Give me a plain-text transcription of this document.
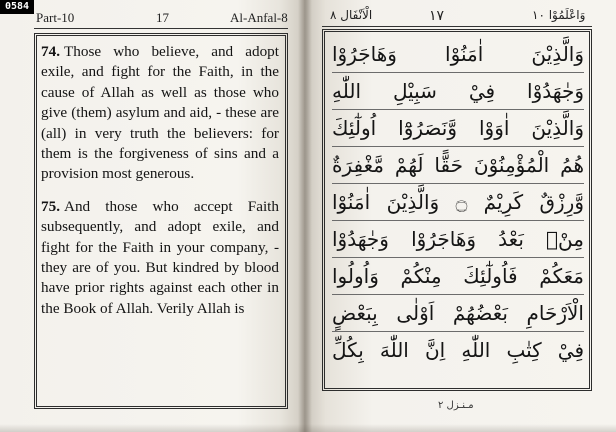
0584
Part-10	17	Al-Anfal-8

74. Those who believe, and adopt exile, and fight for the Faith, in the cause of Allah as well as those who give (them) asylum and aid, - these are (all) in very truth the believers: for them is the forgiveness of sins and a provision most generous.

75. And those who accept Faith subsequently, and adopt exile, and fight for the Faith in your company, - they are of you. But kindred by blood have prior rights against each other in the Book of Allah. Verily Allah is

الْاَنْفَال ٨	١٧	وَاعْلَمُوْا ١٠
وَالَّذِيْنَ اٰمَنُوْا وَهَاجَرُوْا
وَجٰهَدُوْا فِيْ سَبِيْلِ اللّٰهِ
وَالَّذِيْنَ اٰوَوْا وَّنَصَرُوْٓا اُولٰٓئِكَ
هُمُ الْمُؤْمِنُوْنَ حَقًّا لَهُمْ مَّغْفِرَةٌ
وَّرِزْقٌ كَرِيْمٌ ۝ وَالَّذِيْنَ اٰمَنُوْا
مِنْۢ بَعْدُ وَهَاجَرُوْا وَجٰهَدُوْا
مَعَكُمْ فَاُولٰٓئِكَ مِنْكُمْ وَاُولُوا
الْاَرْحَامِ بَعْضُهُمْ اَوْلٰى بِبَعْضٍ
فِيْ كِتٰبِ اللّٰهِ اِنَّ اللّٰهَ بِكُلِّ
مـنـزل ٢
